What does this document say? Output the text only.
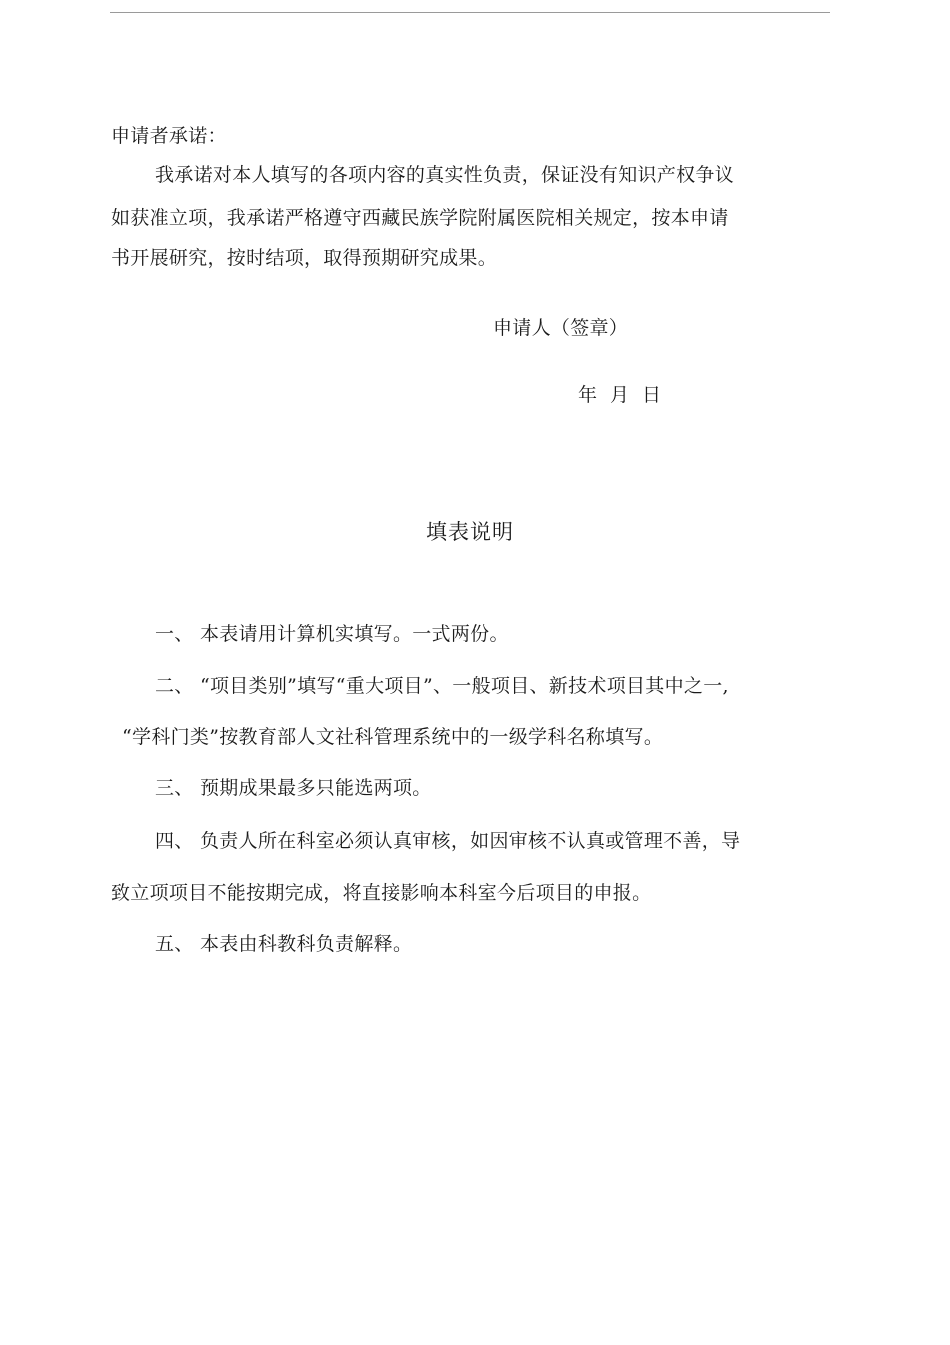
申请者承诺：
我承诺对本人填写的各项内容的真实性负责，保证没有知识产权争议
如获准立项，我承诺严格遵守西藏民族学院附属医院相关规定，按本申请
书开展研究，按时结项，取得预期研究成果。
申请人（签章）
年  月  日
填表说明
一、 本表请用计算机实填写。一式两份。
二、 “项目类别”填写“重大项目”、一般项目、新技术项目其中之一,
“学科门类”按教育部人文社科管理系统中的一级学科名称填写。
三、 预期成果最多只能选两项。
四、 负责人所在科室必须认真审核，如因审核不认真或管理不善，导
致立项项目不能按期完成，将直接影响本科室今后项目的申报。
五、 本表由科教科负责解释。
